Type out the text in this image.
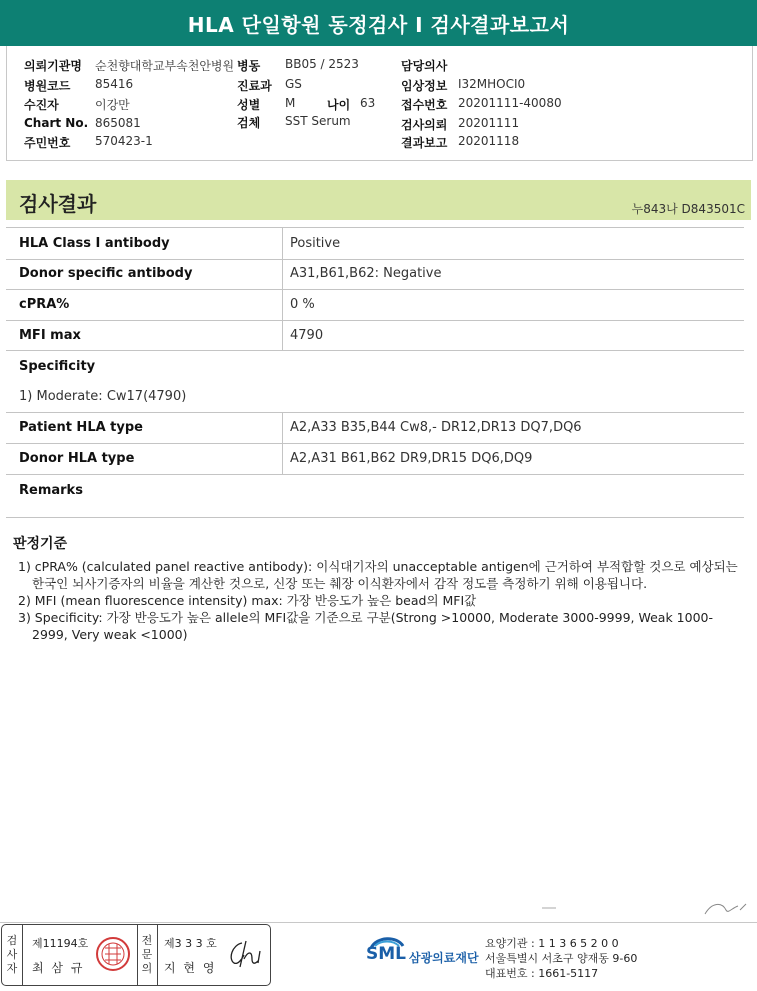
HLA 단일항원 동정검사 I 검사결과보고서
의뢰기관명 순천향대학교부속천안병원 병동 BB05 / 2523	담당의사
병원코드 85416	진료과 GS	임상정보 I32MHOCI0
수진자	이강만	성별 M	나이 63 접수번호 20201111-40080
Chart No. 865081	검체 SST Serum	검사의뢰 20201111
주민번호 570423-1	결과보고 20201118
검사결과	누843나 D843501C
HLA Class Ⅰ antibody	Positive
Donor specific antibody	A31,B61,B62: Negative
cPRA%	0 %
MFI max	4790
Specificity
1) Moderate: Cw17(4790)
Patient HLA type	A2,A33 B35,B44 Cw8,- DR12,DR13 DQ7,DQ6
Donor HLA type	A2,A31 B61,B62 DR9,DR15 DQ6,DQ9
Remarks
판정기준

1) cPRA% (calculated panel reactive antibody): 이식대기자의 unacceptable antigen에 근거하여 부적합할 것으로 예상되는 한국인 뇌사기증자의 비율을 계산한 것으로, 신장 또는 췌장 이식환자에서 감작 정도를 측정하기 위해 이용됩니다.

2) MFI (mean fluorescence intensity) max: 가장 반응도가 높은 bead의 MFI값

3) Specificity: 가장 반응도가 높은 allele의 MFI값을 기준으로 구분(Strong >10000, Moderate 3000-9999, Weak 1000-2999, Very weak <1000)

검
사
자
제11194호
최 삼 규
전
문
의
제3 3 3 호
지 현 영
SML 삼광의료재단
요양기관 : 1 1 3 6 5 2 0 0
서울특별시 서초구 양재동 9-60
대표번호 : 1661-5117
